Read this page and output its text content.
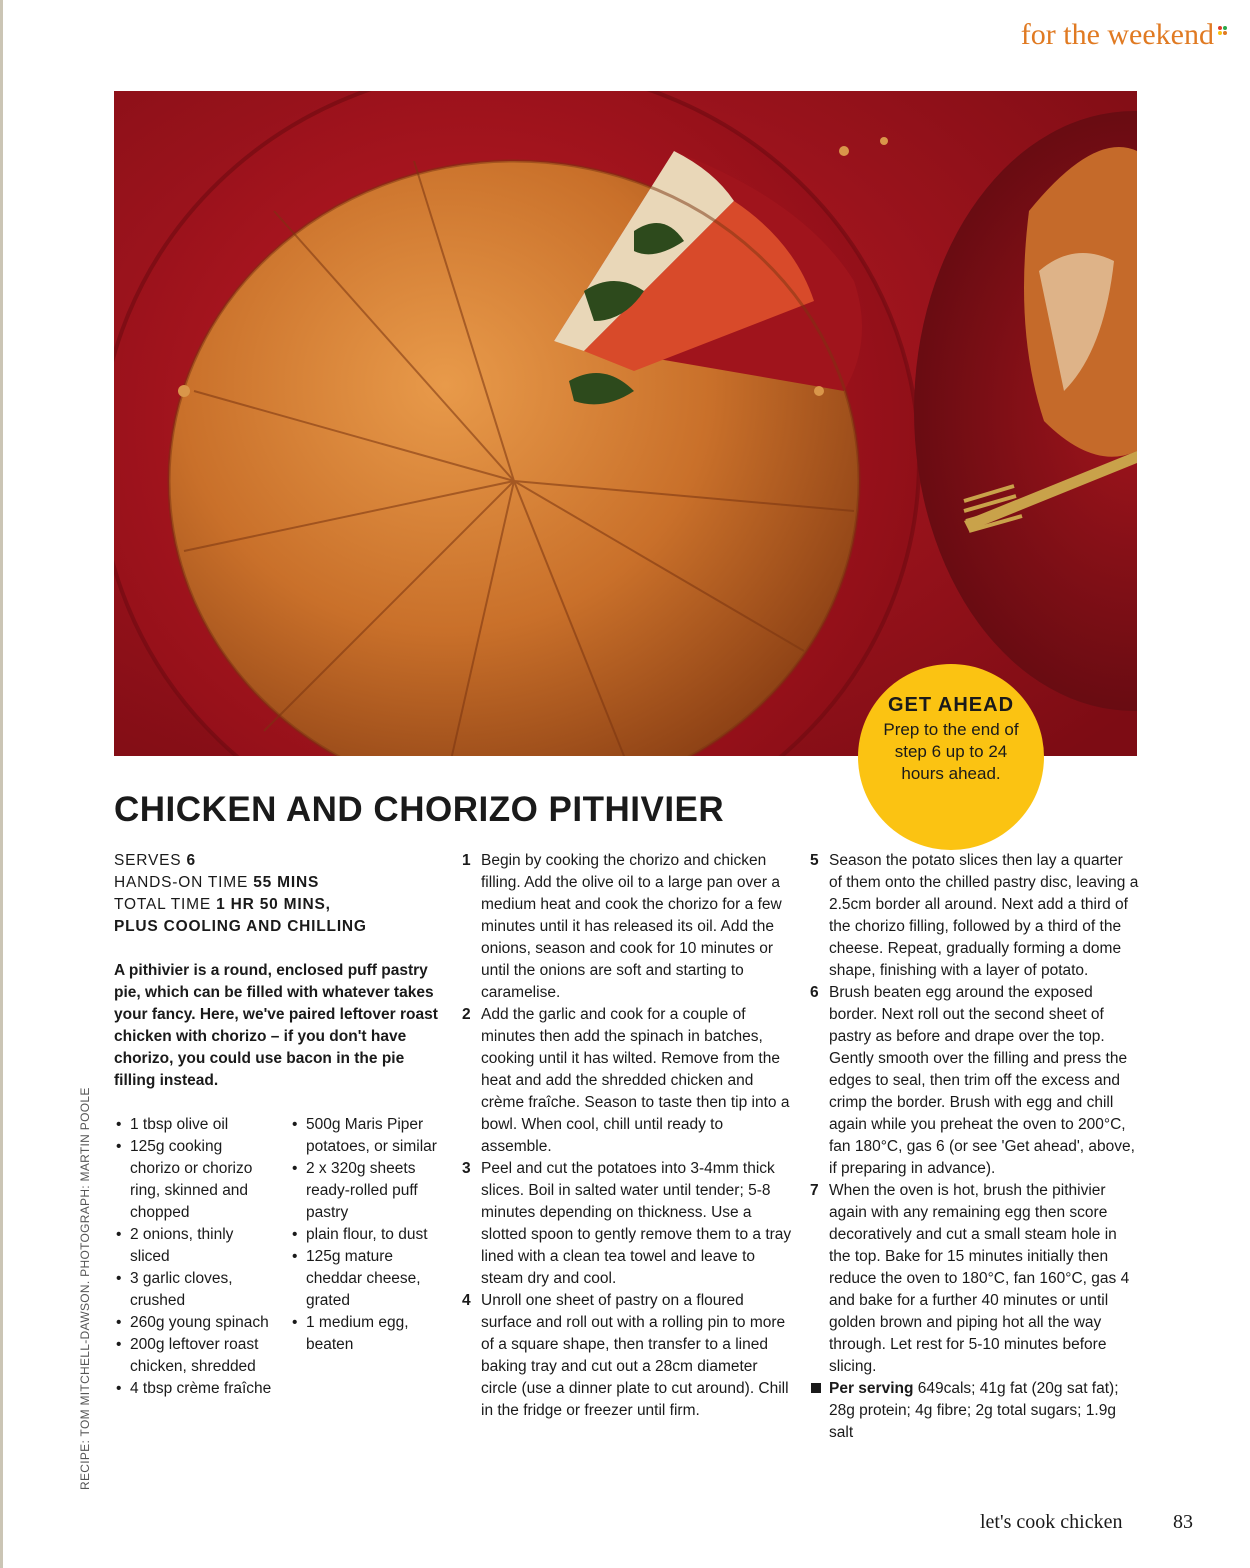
for the weekend
GET AHEAD
Prep to the end of step 6 up to 24 hours ahead.
CHICKEN AND CHORIZO PITHIVIER
SERVES 6
HANDS-ON TIME 55 MINS
TOTAL TIME 1 HR 50 MINS,
PLUS COOLING AND CHILLING

A pithivier is a round, enclosed puff pastry pie, which can be filled with whatever takes your fancy. Here, we've paired leftover roast chicken with chorizo – if you don't have chorizo, you could use bacon in the pie filling instead.

• 1 tbsp olive oil
• 125g cooking chorizo or chorizo ring, skinned and chopped
• 2 onions, thinly sliced
• 3 garlic cloves, crushed
• 260g young spinach
• 200g leftover roast chicken, shredded
• 4 tbsp crème fraîche
• 500g Maris Piper potatoes, or similar
• 2 x 320g sheets ready-rolled puff pastry
• plain flour, to dust
• 125g mature cheddar cheese, grated
• 1 medium egg, beaten
1 Begin by cooking the chorizo and chicken filling. Add the olive oil to a large pan over a medium heat and cook the chorizo for a few minutes until it has released its oil. Add the onions, season and cook for 10 minutes or until the onions are soft and starting to caramelise.
2 Add the garlic and cook for a couple of minutes then add the spinach in batches, cooking until it has wilted. Remove from the heat and add the shredded chicken and crème fraîche. Season to taste then tip into a bowl. When cool, chill until ready to assemble.
3 Peel and cut the potatoes into 3-4mm thick slices. Boil in salted water until tender; 5-8 minutes depending on thickness. Use a slotted spoon to gently remove them to a tray lined with a clean tea towel and leave to steam dry and cool.
4 Unroll one sheet of pastry on a floured surface and roll out with a rolling pin to more of a square shape, then transfer to a lined baking tray and cut out a 28cm diameter circle (use a dinner plate to cut around). Chill in the fridge or freezer until firm.
5 Season the potato slices then lay a quarter of them onto the chilled pastry disc, leaving a 2.5cm border all around. Next add a third of the chorizo filling, followed by a third of the cheese. Repeat, gradually forming a dome shape, finishing with a layer of potato.
6 Brush beaten egg around the exposed border. Next roll out the second sheet of pastry as before and drape over the top. Gently smooth over the filling and press the edges to seal, then trim off the excess and crimp the border. Brush with egg and chill again while you preheat the oven to 200°C, fan 180°C, gas 6 (or see 'Get ahead', above, if preparing in advance).
7 When the oven is hot, brush the pithivier again with any remaining egg then score decoratively and cut a small steam hole in the top. Bake for 15 minutes initially then reduce the oven to 180°C, fan 160°C, gas 4 and bake for a further 40 minutes or until golden brown and piping hot all the way through. Let rest for 5-10 minutes before slicing.
Per serving 649cals; 41g fat (20g sat fat); 28g protein; 4g fibre; 2g total sugars; 1.9g salt
RECIPE: TOM MITCHELL-DAWSON. PHOTOGRAPH: MARTIN POOLE
let's cook chicken	83
